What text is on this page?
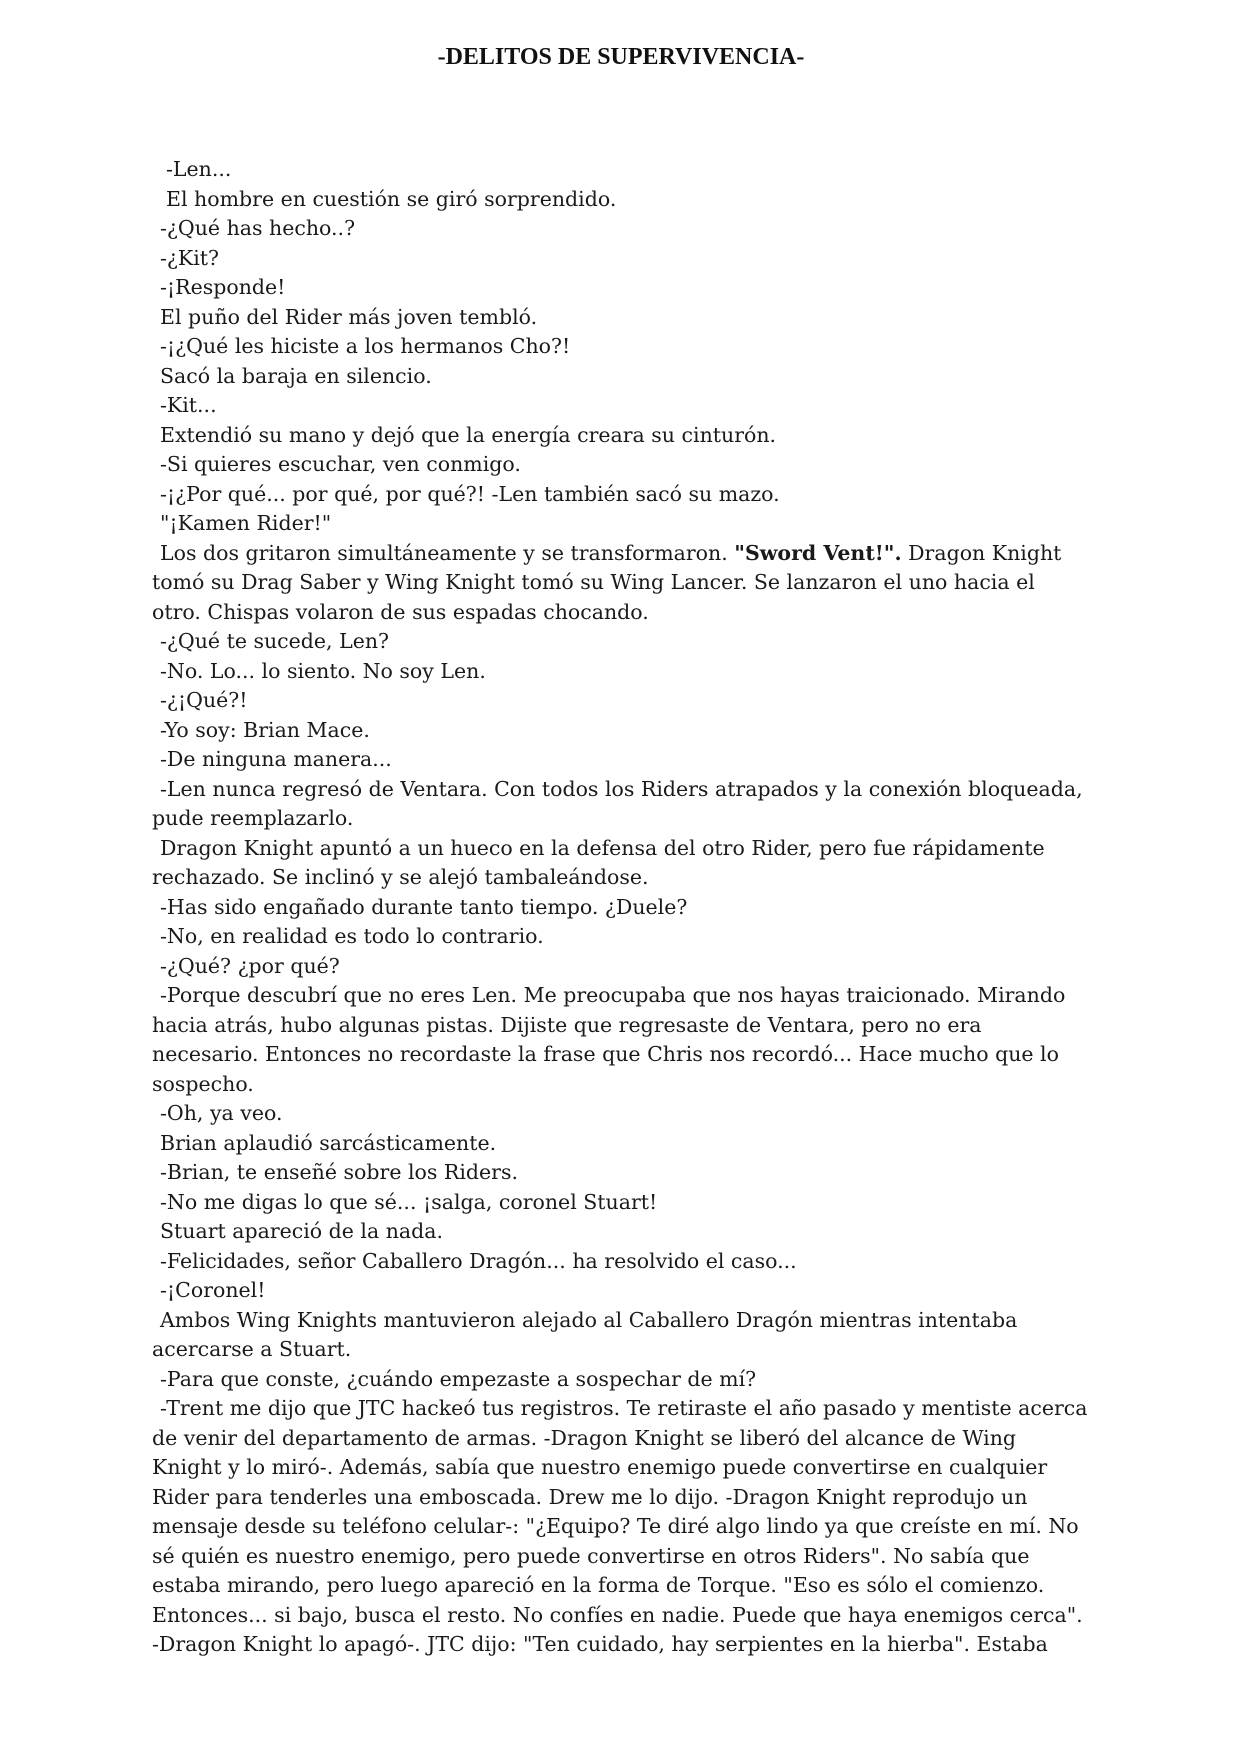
-DELITOS DE SUPERVIVENCIA-
-Len...
El hombre en cuestión se giró sorprendido.
-¿Qué has hecho..?
-¿Kit?
-¡Responde!
El puño del Rider más joven tembló.
-¡¿Qué les hiciste a los hermanos Cho?!
Sacó la baraja en silencio.
-Kit...
Extendió su mano y dejó que la energía creara su cinturón.
-Si quieres escuchar, ven conmigo.
-¡¿Por qué... por qué, por qué?! -Len también sacó su mazo.
"¡Kamen Rider!"
Los dos gritaron simultáneamente y se transformaron. "Sword Vent!". Dragon Knight
tomó su Drag Saber y Wing Knight tomó su Wing Lancer. Se lanzaron el uno hacia el
otro. Chispas volaron de sus espadas chocando.
-¿Qué te sucede, Len?
-No. Lo... lo siento. No soy Len.
-¿¡Qué?!
-Yo soy: Brian Mace.
-De ninguna manera...
-Len nunca regresó de Ventara. Con todos los Riders atrapados y la conexión bloqueada,
pude reemplazarlo.
Dragon Knight apuntó a un hueco en la defensa del otro Rider, pero fue rápidamente
rechazado. Se inclinó y se alejó tambaleándose.
-Has sido engañado durante tanto tiempo. ¿Duele?
-No, en realidad es todo lo contrario.
-¿Qué? ¿por qué?
-Porque descubrí que no eres Len. Me preocupaba que nos hayas traicionado. Mirando
hacia atrás, hubo algunas pistas. Dijiste que regresaste de Ventara, pero no era
necesario. Entonces no recordaste la frase que Chris nos recordó... Hace mucho que lo
sospecho.
-Oh, ya veo.
Brian aplaudió sarcásticamente.
-Brian, te enseñé sobre los Riders.
-No me digas lo que sé... ¡salga, coronel Stuart!
Stuart apareció de la nada.
-Felicidades, señor Caballero Dragón... ha resolvido el caso...
-¡Coronel!
Ambos Wing Knights mantuvieron alejado al Caballero Dragón mientras intentaba
acercarse a Stuart.
-Para que conste, ¿cuándo empezaste a sospechar de mí?
-Trent me dijo que JTC hackeó tus registros. Te retiraste el año pasado y mentiste acerca
de venir del departamento de armas. -Dragon Knight se liberó del alcance de Wing
Knight y lo miró-. Además, sabía que nuestro enemigo puede convertirse en cualquier
Rider para tenderles una emboscada. Drew me lo dijo. -Dragon Knight reprodujo un
mensaje desde su teléfono celular-: "¿Equipo? Te diré algo lindo ya que creíste en mí. No
sé quién es nuestro enemigo, pero puede convertirse en otros Riders". No sabía que
estaba mirando, pero luego apareció en la forma de Torque. "Eso es sólo el comienzo.
Entonces... si bajo, busca el resto. No confíes en nadie. Puede que haya enemigos cerca".
-Dragon Knight lo apagó-. JTC dijo: "Ten cuidado, hay serpientes en la hierba". Estaba
